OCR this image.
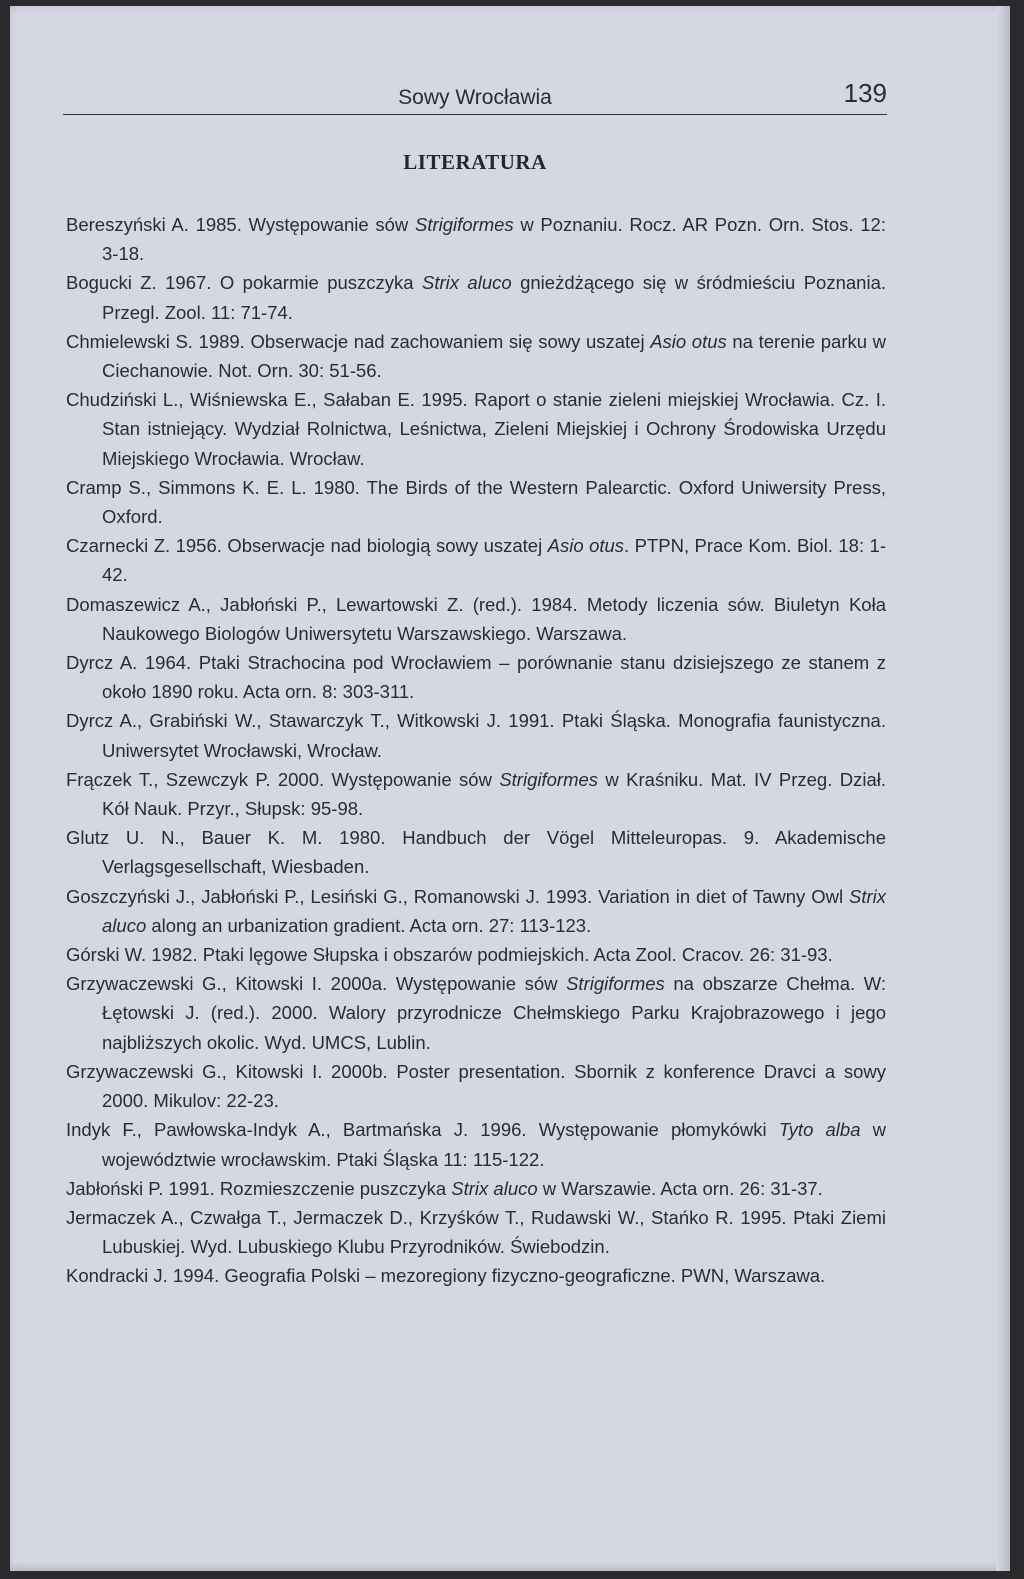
Sowy Wrocławia	139
LITERATURA
Bereszyński A. 1985. Występowanie sów Strigiformes w Poznaniu. Rocz. AR Pozn. Orn. Stos. 12: 3-18.
Bogucki Z. 1967. O pokarmie puszczyka Strix aluco gnieżdżącego się w śródmieściu Poznania. Przegl. Zool. 11: 71-74.
Chmielewski S. 1989. Obserwacje nad zachowaniem się sowy uszatej Asio otus na terenie parku w Ciechanowie. Not. Orn. 30: 51-56.
Chudziński L., Wiśniewska E., Sałaban E. 1995. Raport o stanie zieleni miejskiej Wrocławia. Cz. I. Stan istniejący. Wydział Rolnictwa, Leśnictwa, Zieleni Miejskiej i Ochrony Środowiska Urzędu Miejskiego Wrocławia. Wrocław.
Cramp S., Simmons K. E. L. 1980. The Birds of the Western Palearctic. Oxford Uniwersity Press, Oxford.
Czarnecki Z. 1956. Obserwacje nad biologią sowy uszatej Asio otus. PTPN, Prace Kom. Biol. 18: 1-42.
Domaszewicz A., Jabłoński P., Lewartowski Z. (red.). 1984. Metody liczenia sów. Biuletyn Koła Naukowego Biologów Uniwersytetu Warszawskiego. Warszawa.
Dyrcz A. 1964. Ptaki Strachocina pod Wrocławiem – porównanie stanu dzisiejszego ze stanem z około 1890 roku. Acta orn. 8: 303-311.
Dyrcz A., Grabiński W., Stawarczyk T., Witkowski J. 1991. Ptaki Śląska. Monografia faunistyczna. Uniwersytet Wrocławski, Wrocław.
Frączek T., Szewczyk P. 2000. Występowanie sów Strigiformes w Kraśniku. Mat. IV Przeg. Dział. Kół Nauk. Przyr., Słupsk: 95-98.
Glutz U. N., Bauer K. M. 1980. Handbuch der Vögel Mitteleuropas. 9. Akademische Verlagsgesellschaft, Wiesbaden.
Goszczyński J., Jabłoński P., Lesiński G., Romanowski J. 1993. Variation in diet of Tawny Owl Strix aluco along an urbanization gradient. Acta orn. 27: 113-123.
Górski W. 1982. Ptaki lęgowe Słupska i obszarów podmiejskich. Acta Zool. Cracov. 26: 31-93.
Grzywaczewski G., Kitowski I. 2000a. Występowanie sów Strigiformes na obszarze Chełma. W: Łętowski J. (red.). 2000. Walory przyrodnicze Chełmskiego Parku Krajobrazowego i jego najbliższych okolic. Wyd. UMCS, Lublin.
Grzywaczewski G., Kitowski I. 2000b. Poster presentation. Sbornik z konference Dravci a sowy 2000. Mikulov: 22-23.
Indyk F., Pawłowska-Indyk A., Bartmańska J. 1996. Występowanie płomykówki Tyto alba w województwie wrocławskim. Ptaki Śląska 11: 115-122.
Jabłoński P. 1991. Rozmieszczenie puszczyka Strix aluco w Warszawie. Acta orn. 26: 31-37.
Jermaczek A., Czwałga T., Jermaczek D., Krzyśków T., Rudawski W., Stańko R. 1995. Ptaki Ziemi Lubuskiej. Wyd. Lubuskiego Klubu Przyrodników. Świebodzin.
Kondracki J. 1994. Geografia Polski – mezoregiony fizyczno-geograficzne. PWN, Warszawa.
